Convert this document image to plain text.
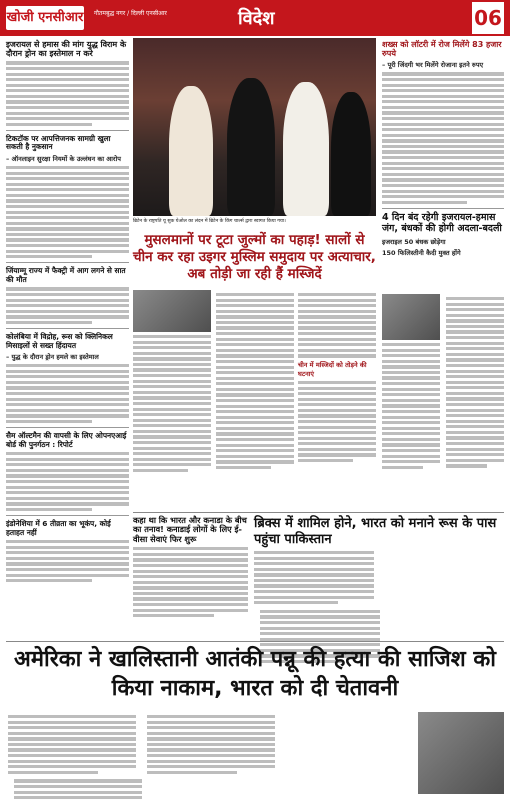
खोजी एनसीआर गौतमबुद्ध नगर / दिल्ली एनसीआर	विदेश	06
इजरायल से हमास की मांग युद्ध विराम के दौरान ड्रोन का इस्तेमाल न करे
टिकटॉक पर आपत्तिजनक सामग्री खुला सकती है नुकसान
– ऑनलाइन सुरक्षा नियमों के उल्लंघन का आरोप
जिंयाम्मू राज्य में फैक्ट्री में आग लगने से सात की मौत
कोलंबिया में विद्रोह, रूस को क्लिनिकल मिसाइलों से सख्त हिंदायत
– युद्ध के दौरान ड्रोन हमले का इस्तेमाल
सैम ऑल्टमैन की वापसी के लिए ओपनएआई बोर्ड की पुनर्गठन : रिपोर्ट
इंडोनेशिया में 6 तीव्रता का भूकंप, कोई हताहत नहीं
ब्रिटेन के राष्ट्रपति यू सुक येओल का लंदन में ब्रिटेन के किंग चार्ल्स द्वारा स्वागत किया गया।
मुसलमानों पर टूटा जुल्मों का पहाड़! सालों से चीन कर रहा उइगर मुस्लिम समुदाय पर अत्याचार, अब तोड़ी जा रही हैं मस्जिदें
चीन में मस्जिदों को तोड़ने की घटनाएं
शख्स को लॉटरी में रोज मिलेंगे 83 हजार रुपये
– पूरी जिंदगी भर मिलेंगे रोजाना इतने रुपए
4 दिन बंद रहेगी इजरायल-हमास जंग, बंधकों की होगी अदला-बदली
इजराइल 50 बंधक छोड़ेगा
150 फिलिस्तीनी कैदी मुक्त होंगे
कहा था कि भारत और कनाडा के बीच का तनाव! कनाडाई लोगों के लिए ई-वीसा सेवाएं फिर शुरू
ब्रिक्स में शामिल होने, भारत को मनाने रूस के पास पहुंचा पाकिस्तान

अमेरिका ने खालिस्तानी आतंकी पन्नू की हत्या की साजिश को किया नाकाम, भारत को दी चेतावनी
